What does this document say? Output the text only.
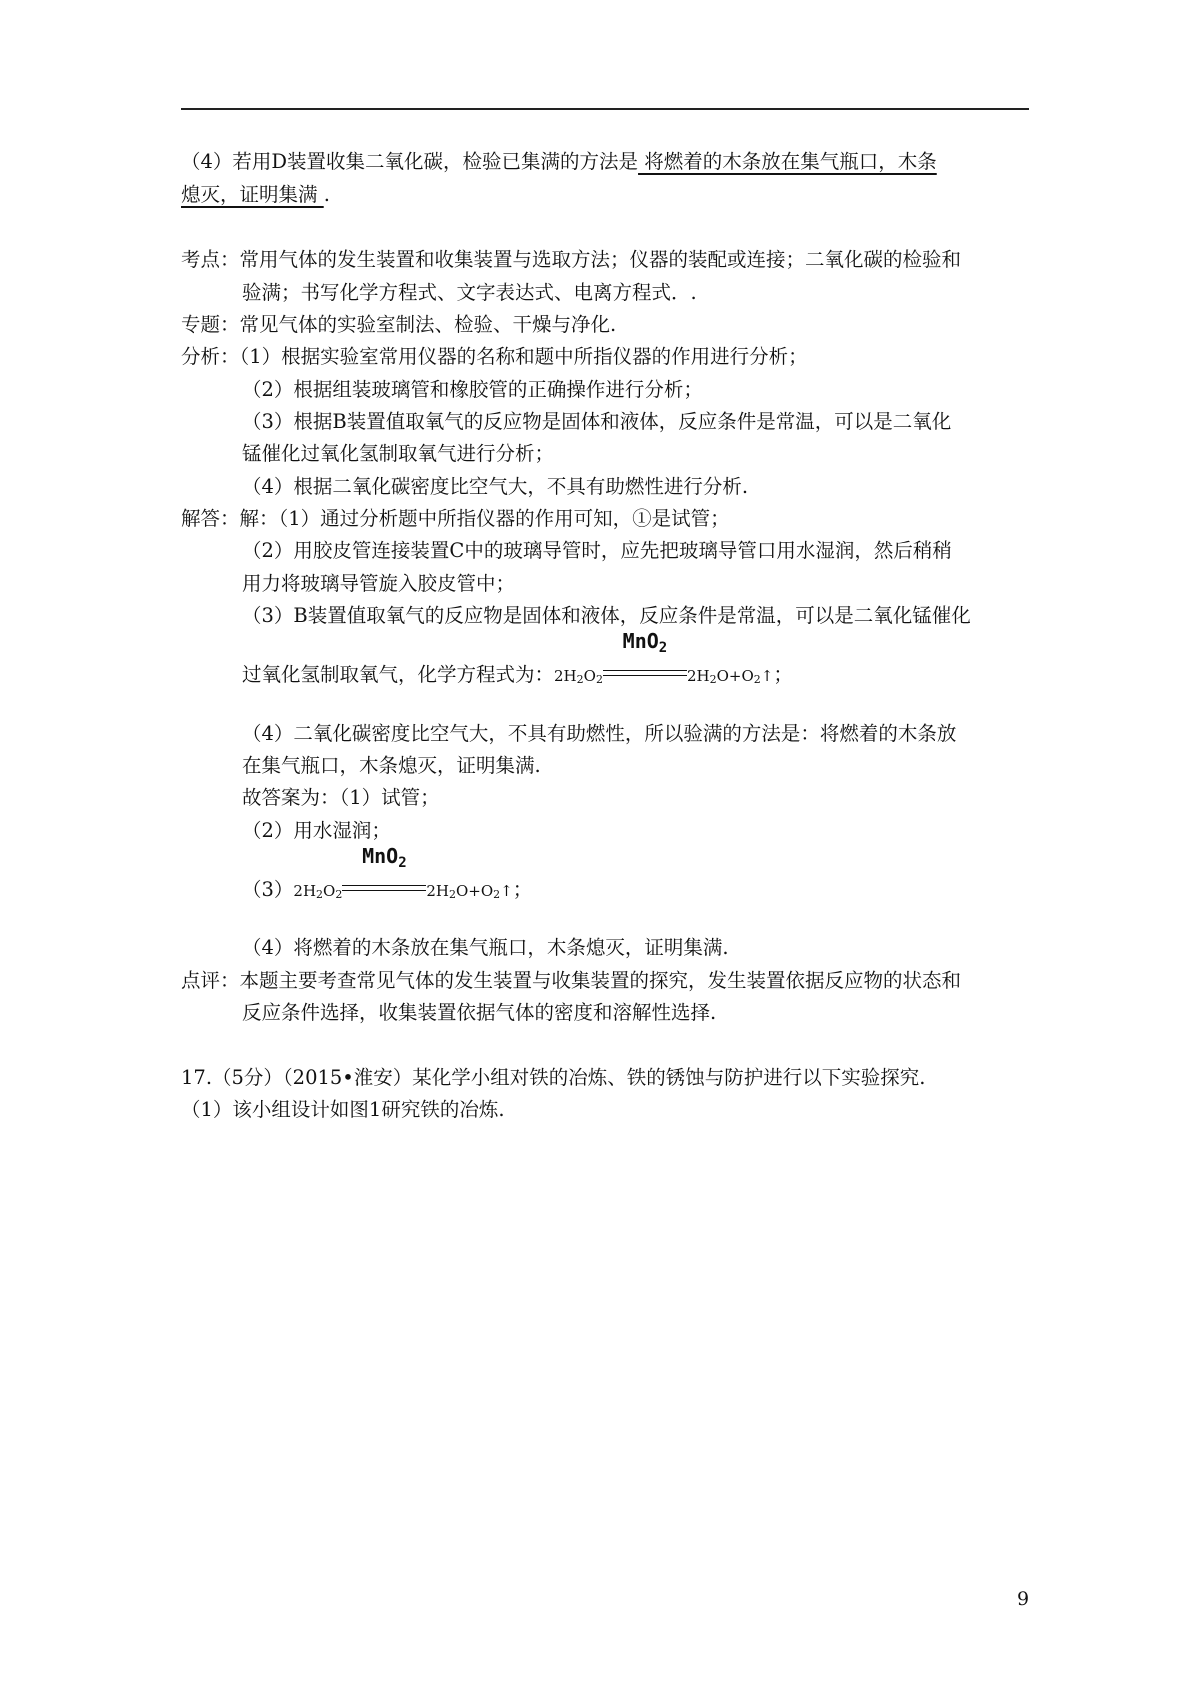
（4）若用D装置收集二氧化碳，检验已集满的方法是 将燃着的木条放在集气瓶口，木条
熄灭，证明集满 .
考点：常用气体的发生装置和收集装置与选取方法；仪器的装配或连接；二氧化碳的检验和
验满；书写化学方程式、文字表达式、电离方程式．.
专题：常见气体的实验室制法、检验、干燥与净化.
分析：（1）根据实验室常用仪器的名称和题中所指仪器的作用进行分析；
（2）根据组装玻璃管和橡胶管的正确操作进行分析；
（3）根据B装置值取氧气的反应物是固体和液体，反应条件是常温，可以是二氧化
锰催化过氧化氢制取氧气进行分析；
（4）根据二氧化碳密度比空气大，不具有助燃性进行分析.
解答：解：（1）通过分析题中所指仪器的作用可知，①是试管；
（2）用胶皮管连接装置C中的玻璃导管时，应先把玻璃导管口用水湿润，然后稍稍
用力将玻璃导管旋入胶皮管中；
（3）B装置值取氧气的反应物是固体和液体，反应条件是常温，可以是二氧化锰催化
过氧化氢制取氧气，化学方程式为：2H2O2
MnO$_2$
2H2O+O2↑；
（4）二氧化碳密度比空气大，不具有助燃性，所以验满的方法是：将燃着的木条放
在集气瓶口，木条熄灭，证明集满.
故答案为：（1）试管；
（2）用水湿润；
（3）2H2O2
MnO$_2$
2H2O+O2↑；
（4）将燃着的木条放在集气瓶口，木条熄灭，证明集满.
点评：本题主要考查常见气体的发生装置与收集装置的探究，发生装置依据反应物的状态和
反应条件选择，收集装置依据气体的密度和溶解性选择.
17.（5分）（2015•淮安）某化学小组对铁的冶炼、铁的锈蚀与防护进行以下实验探究.
（1）该小组设计如图1研究铁的冶炼.
9
